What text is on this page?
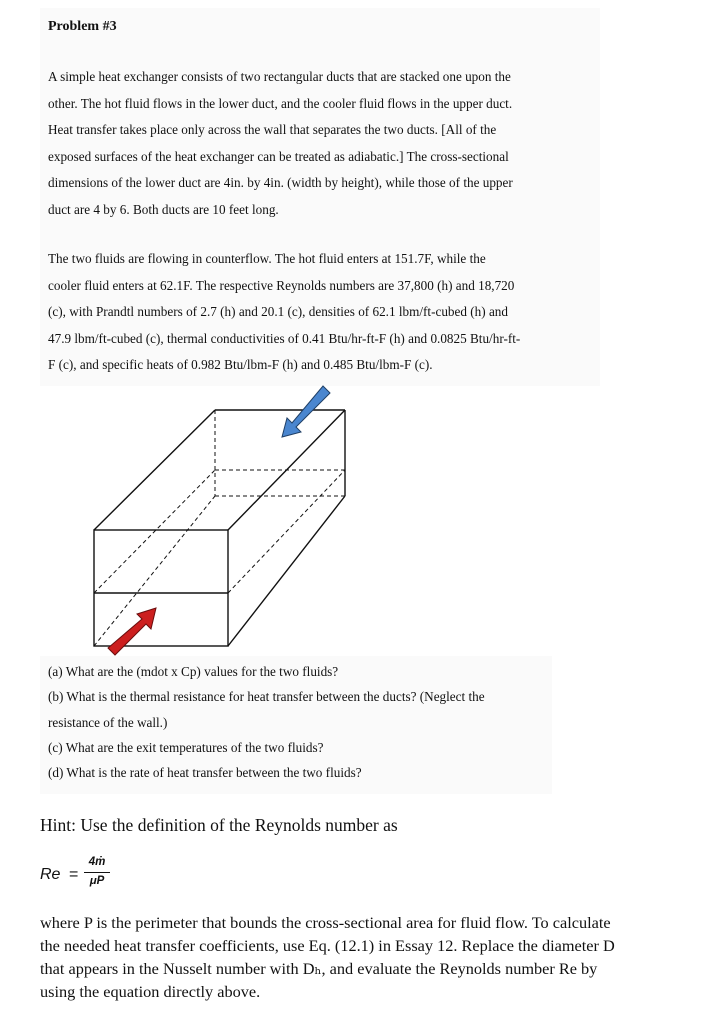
Problem #3
A simple heat exchanger consists of two rectangular ducts that are stacked one upon the
other. The hot fluid flows in the lower duct, and the cooler fluid flows in the upper duct.
Heat transfer takes place only across the wall that separates the two ducts. [All of the
exposed surfaces of the heat exchanger can be treated as adiabatic.] The cross-sectional
dimensions of the lower duct are 4in. by 4in. (width by height), while those of the upper
duct are 4 by 6. Both ducts are 10 feet long.
The two fluids are flowing in counterflow. The hot fluid enters at 151.7F, while the
cooler fluid enters at 62.1F. The respective Reynolds numbers are 37,800 (h) and 18,720
(c), with Prandtl numbers of 2.7 (h) and 20.1 (c), densities of 62.1 lbm/ft-cubed (h) and
47.9 lbm/ft-cubed (c), thermal conductivities of 0.41 Btu/hr-ft-F (h) and 0.0825 Btu/hr-ft-
F (c), and specific heats of 0.982 Btu/lbm-F (h) and 0.485 Btu/lbm-F (c).
(a) What are the (mdot x Cp) values for the two fluids?
(b) What is the thermal resistance for heat transfer between the ducts? (Neglect the
resistance of the wall.)
(c) What are the exit temperatures of the two fluids?
(d) What is the rate of heat transfer between the two fluids?
Hint: Use the definition of the Reynolds number as
Re =
4ṁ
μP
where P is the perimeter that bounds the cross-sectional area for fluid flow. To calculate
the needed heat transfer coefficients, use Eq. (12.1) in Essay 12. Replace the diameter D
that appears in the Nusselt number with Dₕ, and evaluate the Reynolds number Re by
using the equation directly above.
